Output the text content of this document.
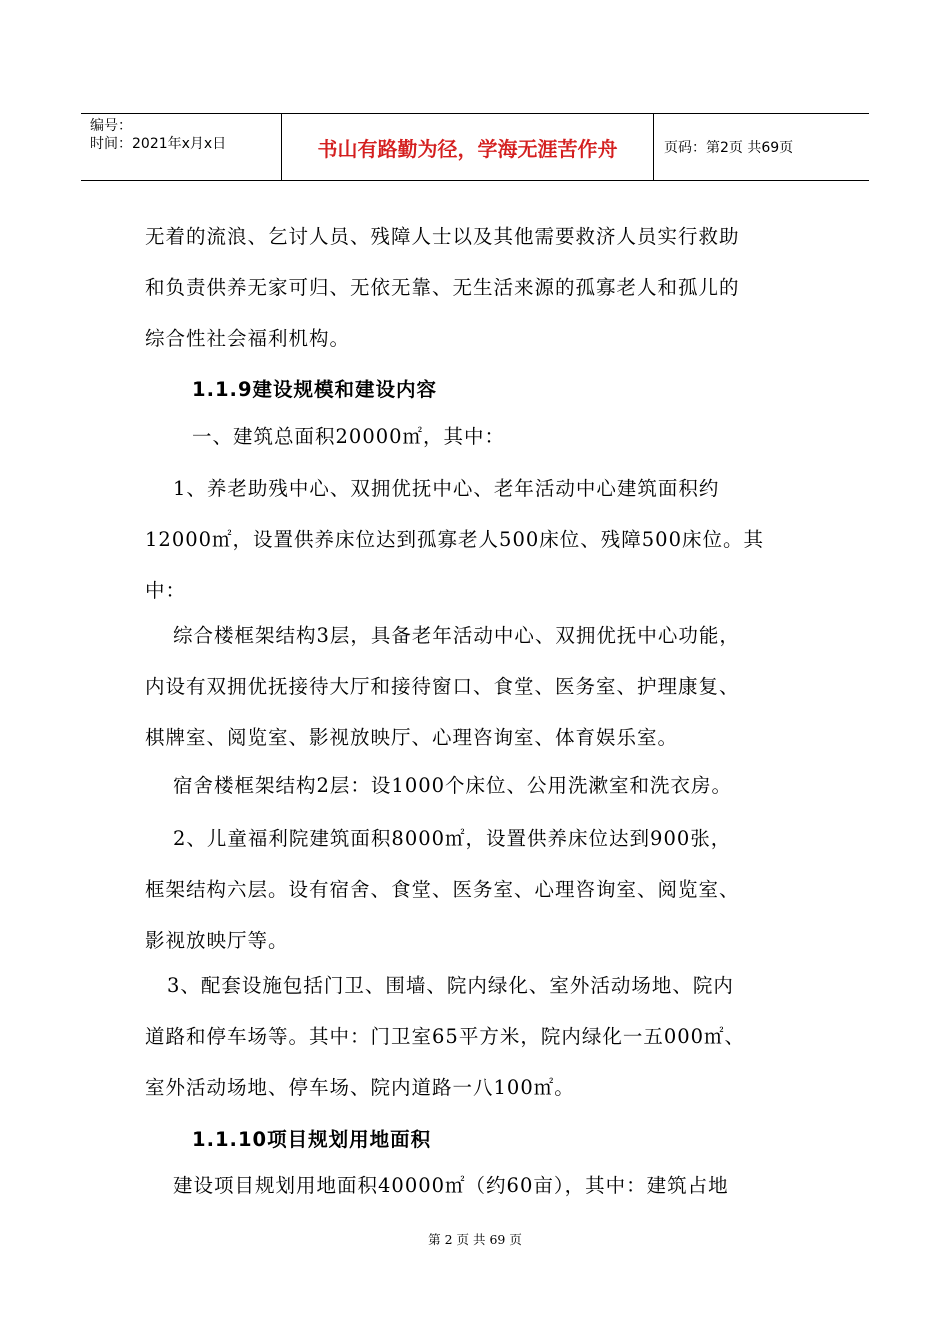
编号：
时间：2021年x月x日	书山有路勤为径，学海无涯苦作舟	页码：第2页 共69页
无着的流浪、乞讨人员、残障人士以及其他需要救济人员实行救助
和负责供养无家可归、无依无靠、无生活来源的孤寡老人和孤儿的
综合性社会福利机构。
1.1.9建设规模和建设内容
一、建筑总面积20000㎡，其中：
1、养老助残中心、双拥优抚中心、老年活动中心建筑面积约
12000㎡，设置供养床位达到孤寡老人500床位、残障500床位。其
中：
综合楼框架结构3层，具备老年活动中心、双拥优抚中心功能，
内设有双拥优抚接待大厅和接待窗口、食堂、医务室、护理康复、
棋牌室、阅览室、影视放映厅、心理咨询室、体育娱乐室。
宿舍楼框架结构2层：设1000个床位、公用洗漱室和洗衣房。
2、儿童福利院建筑面积8000㎡，设置供养床位达到900张，
框架结构六层。设有宿舍、食堂、医务室、心理咨询室、阅览室、
影视放映厅等。
3、配套设施包括门卫、围墙、院内绿化、室外活动场地、院内
道路和停车场等。其中：门卫室65平方米，院内绿化一五000㎡、
室外活动场地、停车场、院内道路一八100㎡。
1.1.10项目规划用地面积
建设项目规划用地面积40000㎡（约60亩），其中：建筑占地
第 2 页 共 69 页
